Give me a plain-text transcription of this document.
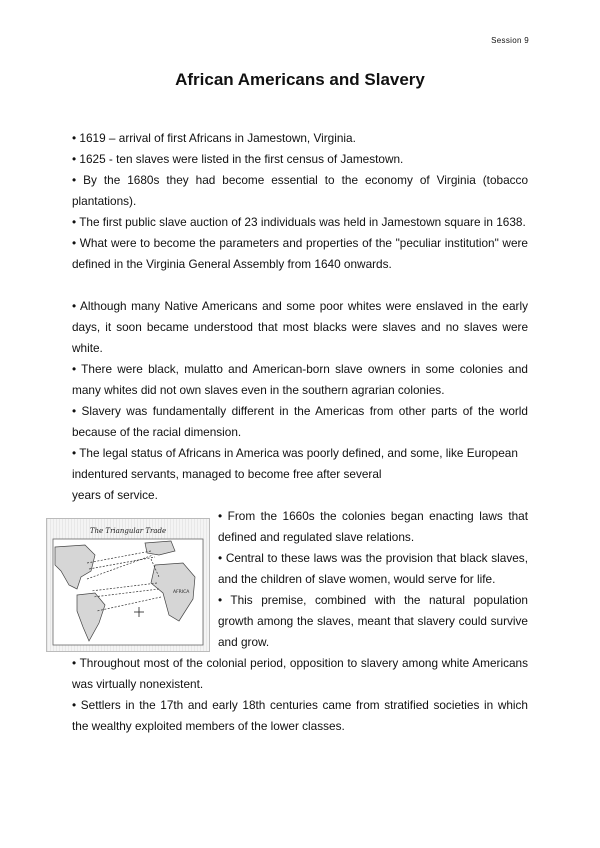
Session 9
African Americans and Slavery

• 1619 – arrival of first Africans in Jamestown, Virginia.

• 1625 - ten slaves were listed in the first census of Jamestown.

• By the 1680s they had become essential to the economy of Virginia (tobacco plantations).

• The first public slave auction of 23 individuals was held in Jamestown square in 1638.

• What were to become the parameters and properties of the "peculiar institution" were defined in the Virginia General Assembly from 1640 onwards.

• Although many Native Americans and some poor whites were enslaved in the early days, it soon became understood that most blacks were slaves and no slaves were white.

• There were black, mulatto and American-born slave owners in some colonies and many whites did not own slaves even in the southern agrarian colonies.

• Slavery was fundamentally different in the Americas from other parts of the world because of the racial dimension.

• The legal status of Africans in America was poorly defined, and some, like European indentured servants, managed to become free after several

years of service.

The Triangular Trade
AFRICA

• From the 1660s the colonies began enacting laws that defined and regulated slave relations.

• Central to these laws was the provision that black slaves, and the children of slave women, would serve for life.

• This premise, combined with the natural population growth among the slaves, meant that slavery could survive and grow.

• Throughout most of the colonial period, opposition to slavery among white Americans was virtually nonexistent.

• Settlers in the 17th and early 18th centuries came from stratified societies in which the wealthy exploited members of the lower classes.
